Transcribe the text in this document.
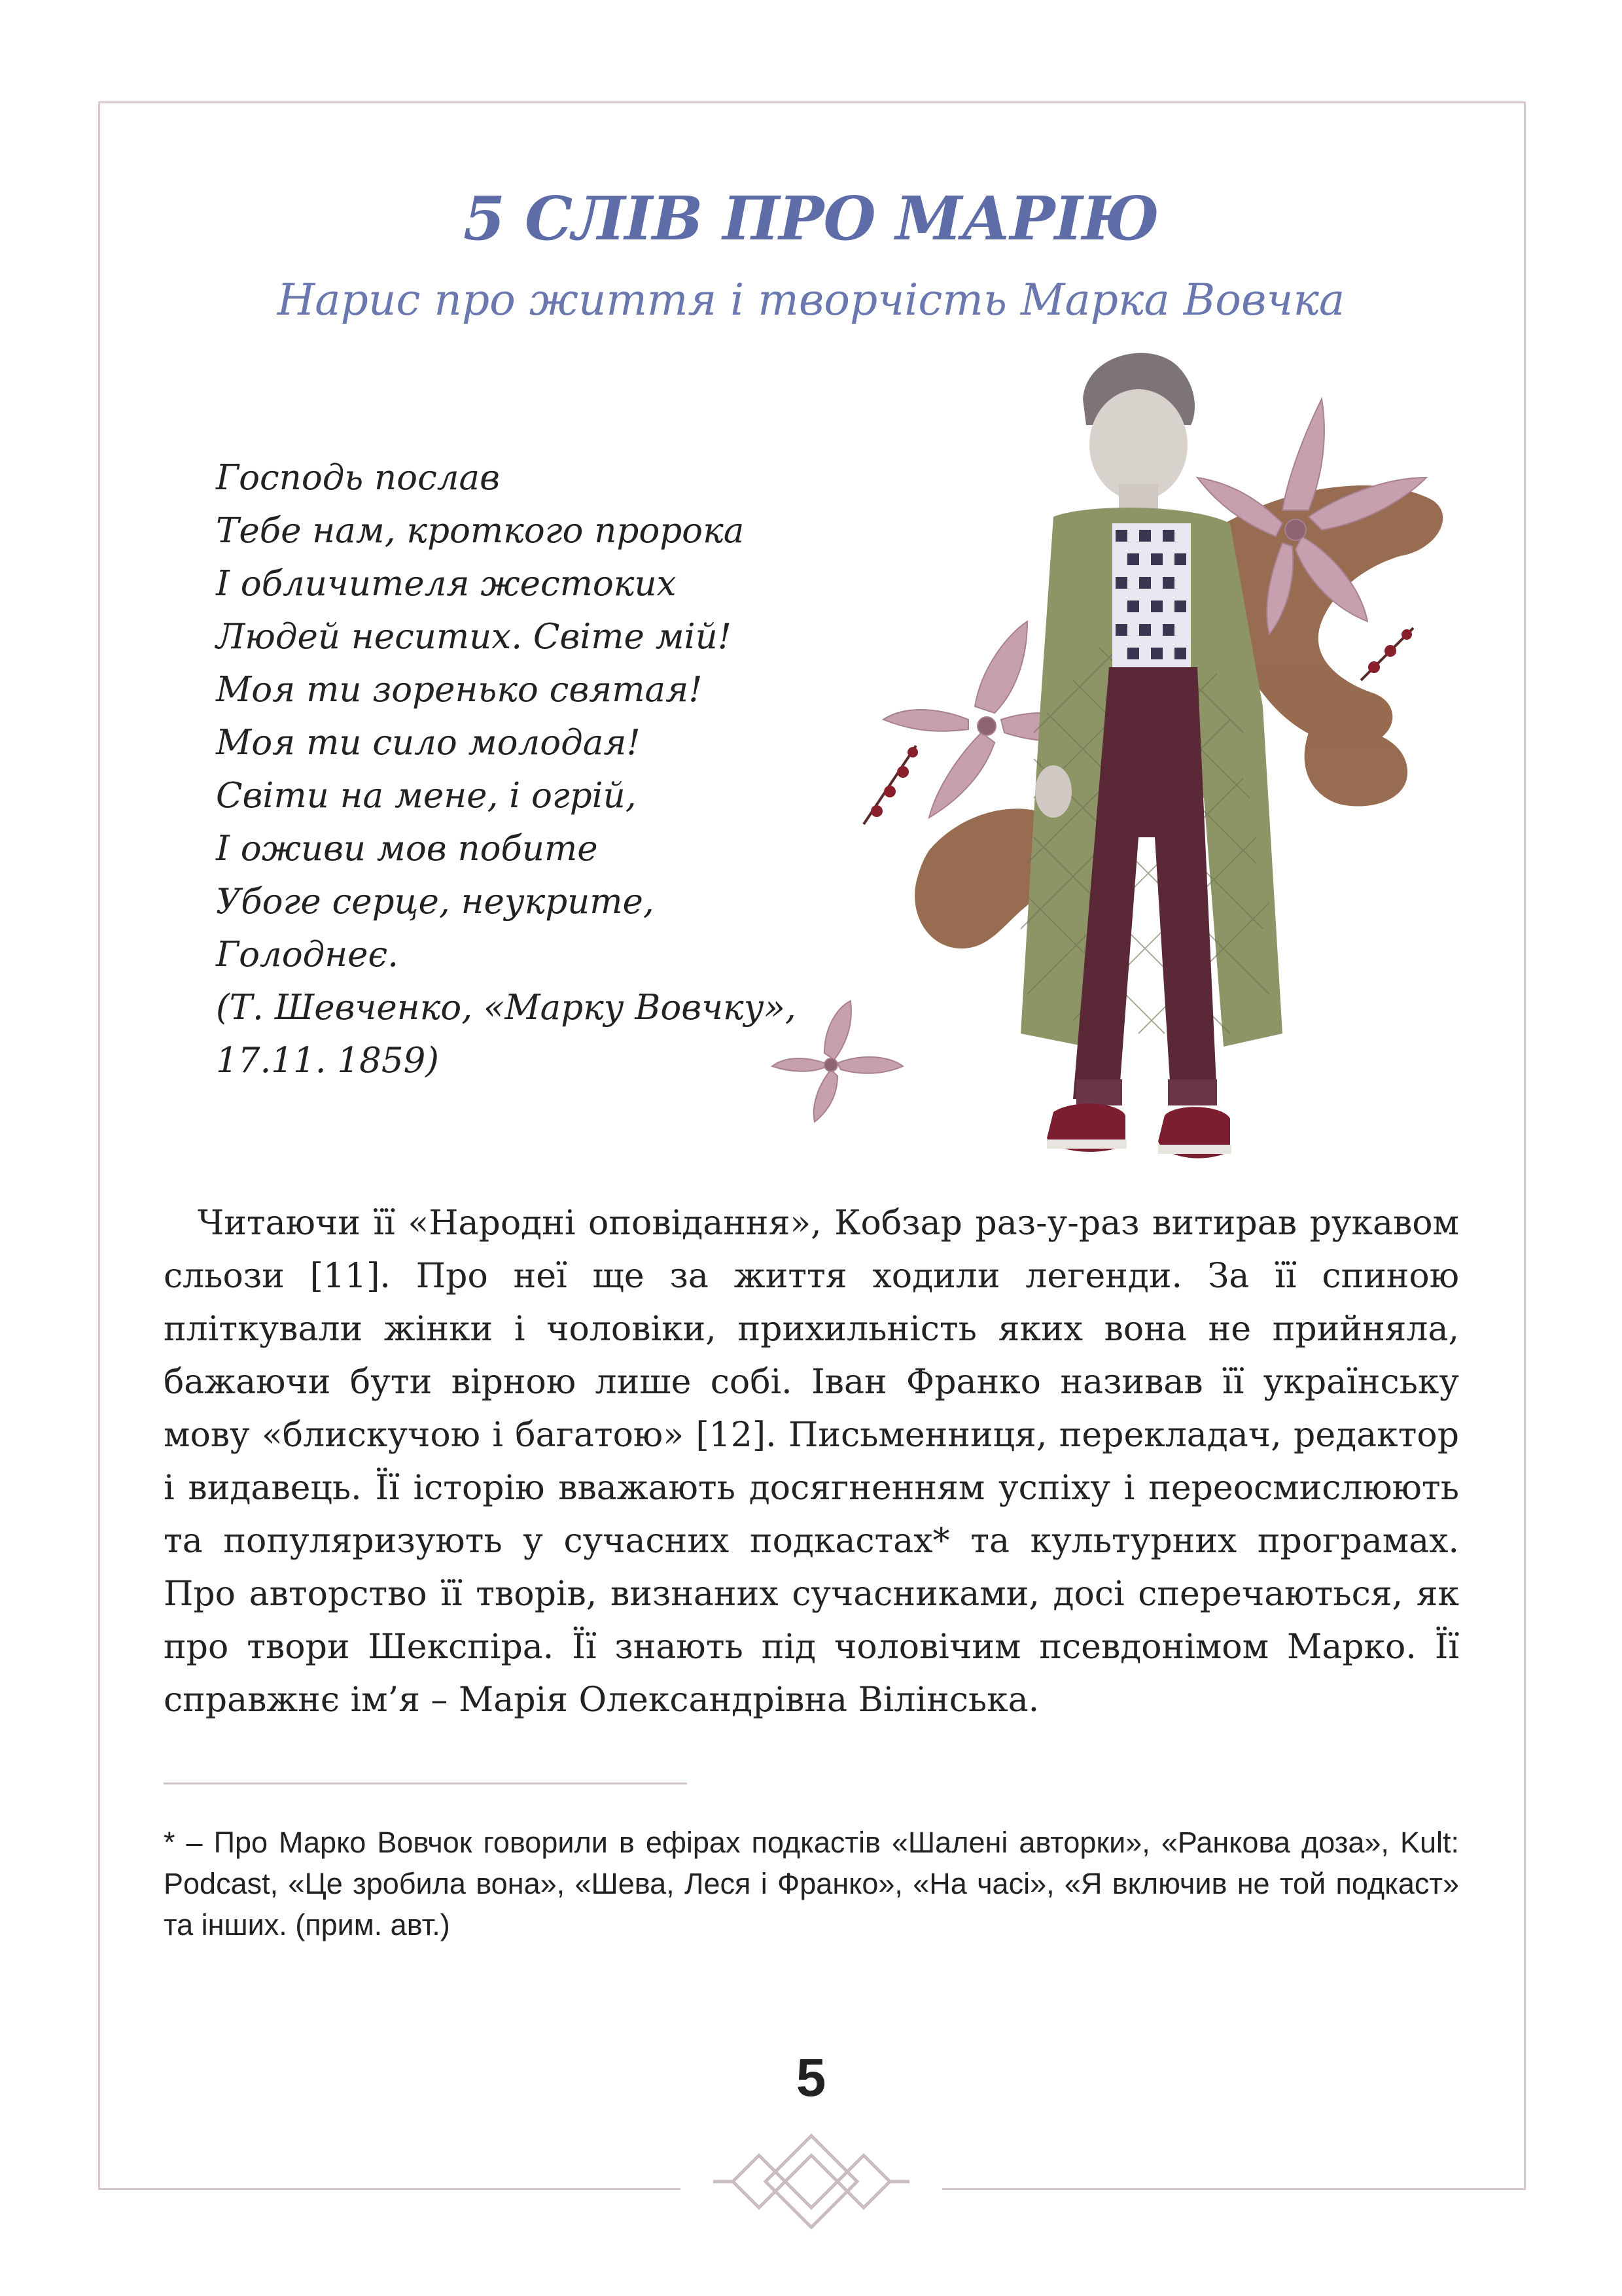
5 СЛІВ ПРО МАРІЮ
Нарис про життя і творчість Марка Вовчка
Господь послав
Тебе нам, кроткого пророка
І обличителя жестоких
Людей неситих. Світе мій!
Моя ти зоренько святая!
Моя ти сило молодая!
Світи на мене, і огрій,
І оживи мов побите
Убоге серце, неукрите,
Голоднеє.
(Т. Шевченко, «Марку Вовчку»,
17.11. 1859)

Читаючи її «Народні оповідання», Кобзар раз-у-раз витирав рукавом сльози [11]. Про неї ще за життя ходили легенди. За її спиною пліткували жінки і чоловіки, прихильність яких вона не прийняла, бажаючи бути вірною лише собі. Іван Франко називав її українську мову «блискучою і багатою» [12]. Письменниця, перекладач, редактор і видавець. Її історію вважають досягненням успіху і переосмислюють та популяризують у сучасних подкастах* та культурних програмах. Про авторство її творів, визнаних сучасниками, досі сперечаються, як про твори Шекспіра. Її знають під чоловічим псевдонімом Марко. Її справжнє ім’я – Марія Олександрівна Вілінська.

* – Про Марко Вовчок говорили в ефірах подкастів «Шалені авторки», «Ранкова доза», Kult: Podcast, «Це зробила вона», «Шева, Леся і Франко», «На часі», «Я включив не той подкаст» та інших. (прим. авт.)
5
